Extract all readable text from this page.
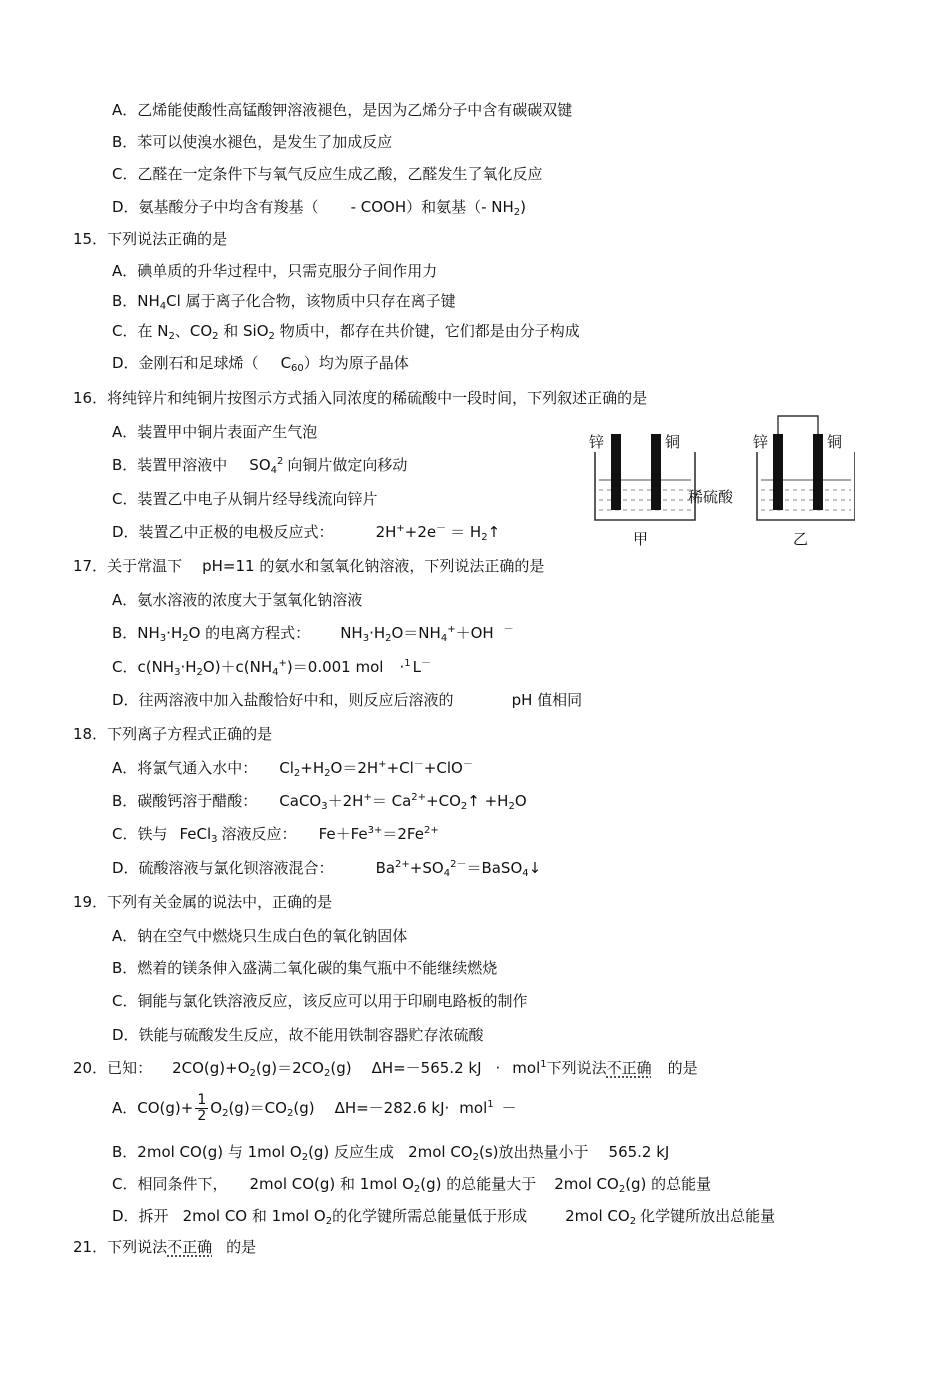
A．乙烯能使酸性高锰酸钾溶液褪色，是因为乙烯分子中含有碳碳双键
B．苯可以使溴水褪色，是发生了加成反应
C．乙醛在一定条件下与氧气反应生成乙酸，乙醛发生了氧化反应
D．氨基酸分子中均含有羧基（ - COOH）和氨基（- $NH_2$)
15．下列说法正确的是
A．碘单质的升华过程中，只需克服分子间作用力
B．$NH_4Cl$ 属于离子化合物，该物质中只存在离子键
C．在 $N_2$、$CO_2$ 和 SiO$_2$ 物质中，都存在共价键，它们都是由分子构成
D．金刚石和足球烯（ $C_{60}$）均为原子晶体
16．将纯锌片和纯铜片按图示方式插入同浓度的稀硫酸中一段时间，下列叙述正确的是
A．装置甲中铜片表面产生气泡
B．装置甲溶液中 $SO_4^2$ 向铜片做定向移动
C．装置乙中电子从铜片经导线流向锌片
D．装置乙中正极的电极反应式：	$2H^++2e^- = H_2↑$
锌	铜
甲
锌	铜
乙
稀硫酸
17．关于常温下 pH=11 的氨水和氢氧化钠溶液，下列说法正确的是
A．氨水溶液的浓度大于氢氧化钠溶液
B．$NH_3\cdot H_2O$ 的电离方程式： $NH_3\cdot H_2O=NH_4^++OH$ －
C．$c(NH_3\cdot H_2O)+c(NH_4^+)=0.001$ mol ·$^1$ L－
D．往两溶液中加入盐酸恰好中和，则反应后溶液的	pH 值相同
18．下列离子方程式正确的是
A．将氯气通入水中： $Cl_2+H_2O=2H^++Cl^-+ClO^-$
B．碳酸钙溶于醋酸： CaCO$_3$＋2H+＝ $Ca^{2+}+CO_2↑ +H_2O$
C．铁与 FeCl$_3$ 溶液反应： $Fe+Fe^{3+}=2Fe^{2+}$
D．硫酸溶液与氯化钡溶液混合：	$Ba^{2+}+SO_4^{2-}=BaSO_4↓$
19．下列有关金属的说法中，正确的是
A．钠在空气中燃烧只生成白色的氧化钠固体
B．燃着的镁条伸入盛满二氧化碳的集气瓶中不能继续燃烧
C．铜能与氯化铁溶液反应，该反应可以用于印刷电路板的制作
D．铁能与硫酸发生反应，故不能用铁制容器贮存浓硫酸
20．已知： $2CO(g)+O_2(g)=2CO_2(g)$ ΔH=－565.2 kJ · mol$^1$下列说法不正确 的是
A．$CO(g)+ \frac{1}{2} O_2(g)=CO_2(g)$ ΔH=－282.6 kJ· mol$^1$ －
B．2mol CO(g) 与 1mol $O_2(g)$ 反应生成 2mol $CO_2(s)$放出热量小于 565.2 kJ
C．相同条件下， 2mol CO(g) 和 1mol $O_2(g)$ 的总能量大于 2mol $CO_2(g)$ 的总能量
D．拆开 2mol CO 和 1mol $O_2$的化学键所需总能量低于形成	2mol $CO_2$ 化学键所放出总能量
21．下列说法不正确 的是
